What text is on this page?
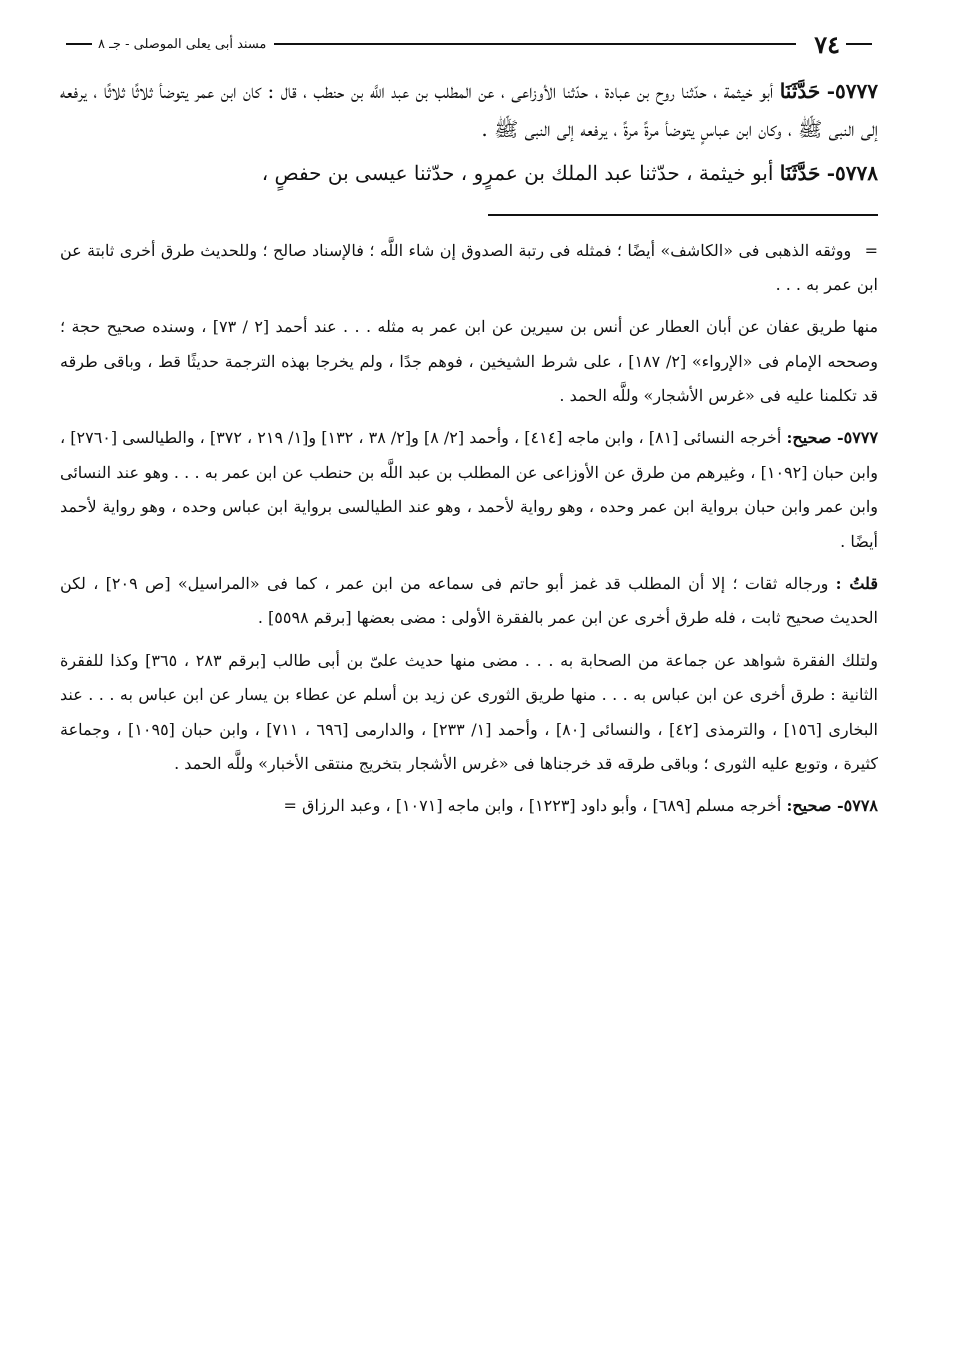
٧٤
مسند أبى يعلى الموصلى - جـ ٨

٥٧٧٧- حَدَّثَنَا أبو خيثمة ، حدّثنا روح بن عبادة ، حدّثنا الأوزاعى ، عن المطلب بن عبد اللَّه بن حنطب ، قال : كان ابن عمر يتوضأ ثلاثًا ثلاثًا ، يرفعه إلى النبى ﷺ ، وكان ابن عباسٍ يتوضأ مرةً مرةً ، يرفعه إلى النبى ﷺ .

٥٧٧٨- حَدَّثَنَا أبو خيثمة ، حدّثنا عبد الملك بن عمرٍو ، حدّثنا عيسى بن حفصٍ ،

= ووثقه الذهبى فى «الكاشف» أيضًا ؛ فمثله فى رتبة الصدوق إن شاء اللَّه ؛ فالإسناد صالح ؛ وللحديث طرق أخرى ثابتة عن ابن عمر به . . .

منها طريق عفان عن أبان العطار عن أنس بن سيرين عن ابن عمر به مثله . . . عند أحمد [٢ / ٧٣] ، وسنده صحيح حجة ؛ وصححه الإمام فى «الإرواء» [٢/ ١٨٧] ، على شرط الشيخين ، فوهم جدًا ، ولم يخرجا بهذه الترجمة حديثًا قط ، وباقى طرقه قد تكلمنا عليه فى «غرس الأشجار» وللَّه الحمد .

٥٧٧٧- صحيح: أخرجه النسائى [٨١] ، وابن ماجه [٤١٤] ، وأحمد [٢/ ٨] و[٢/ ٣٨ ، ١٣٢] و[١/ ٢١٩ ، ٣٧٢] ، والطيالسى [٢٧٦٠] ، وابن حبان [١٠٩٢] ، وغيرهم من طرق عن الأوزاعى عن المطلب بن عبد اللَّه بن حنطب عن ابن عمر به . . . وهو عند النسائى وابن عمر وابن حبان برواية ابن عمر وحده ، وهو رواية لأحمد ، وهو عند الطيالسى برواية ابن عباس وحده ، وهو رواية لأحمد أيضًا .

قلتُ : ورجاله ثقات ؛ إلا أن المطلب قد غمز أبو حاتم فى سماعه من ابن عمر ، كما فى «المراسيل» [ص ٢٠٩] ، لكن الحديث صحيح ثابت ، فله طرق أخرى عن ابن عمر بالفقرة الأولى : مضى بعضها [برقم ٥٥٩٨] .

ولتلك الفقرة شواهد عن جماعة من الصحابة به . . . مضى منها حديث علىّ بن أبى طالب [برقم ٢٨٣ ، ٣٦٥] وكذا للفقرة الثانية : طرق أخرى عن ابن عباس به . . . منها طريق الثورى عن زيد بن أسلم عن عطاء بن يسار عن ابن عباس به . . . عند البخارى [١٥٦] ، والترمذى [٤٢] ، والنسائى [٨٠] ، وأحمد [١/ ٢٣٣] ، والدارمى [٦٩٦ ، ٧١١] ، وابن حبان [١٠٩٥] ، وجماعة كثيرة ، وتوبع عليه الثورى ؛ وباقى طرقه قد خرجناها فى «غرس الأشجار بتخريج منتقى الأخبار» وللَّه الحمد .

٥٧٧٨- صحيح: أخرجه مسلم [٦٨٩] ، وأبو داود [١٢٢٣] ، وابن ماجه [١٠٧١] ، وعبد الرزاق =
